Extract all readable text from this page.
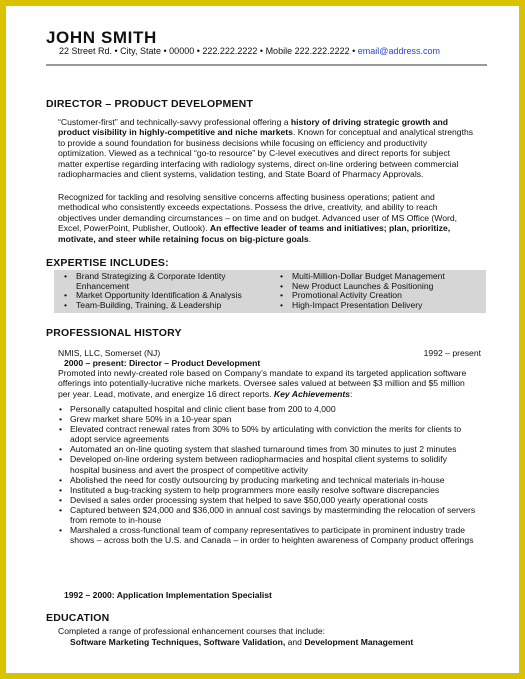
JOHN SMITH
22 Street Rd. • City, State • 00000 • 222.222.2222 • Mobile 222.222.2222 • email@address.com
DIRECTOR – PRODUCT DEVELOPMENT

“Customer-first” and technically-savvy professional offering a history of driving strategic growth and product visibility in highly-competitive and niche markets. Known for conceptual and analytical strengths to provide a sound foundation for business decisions while focusing on efficiency and productivity optimization. Viewed as a technical “go-to resource” by C-level executives and direct reports for subject matter expertise regarding interfacing with radiology systems, direct on-line ordering between commercial radiopharmacies and client systems, validation testing, and State Board of Pharmacy Approvals.

Recognized for tackling and resolving sensitive concerns affecting business operations; patient and methodical who consistently exceeds expectations. Possess the drive, creativity, and ability to reach objectives under demanding circumstances – on time and on budget. Advanced user of MS Office (Word, Excel, PowerPoint, Publisher, Outlook). An effective leader of teams and initiatives; plan, prioritize, motivate, and steer while retaining focus on big-picture goals.

EXPERTISE INCLUDES:
• Brand Strategizing & Corporate Identity Enhancement
• Market Opportunity Identification & Analysis
• Team-Building, Training, & Leadership
• Multi-Million-Dollar Budget Management
• New Product Launches & Positioning
• Promotional Activity Creation
• High-Impact Presentation Delivery
PROFESSIONAL HISTORY
NMIS, LLC, Somerset (NJ)	1992 – present
2000 – present: Director – Product Development

Promoted into newly-created role based on Company’s mandate to expand its targeted application software offerings into potentially-lucrative niche markets. Oversee sales valued at between $3 million and $5 million per year. Lead, motivate, and energize 16 direct reports. Key Achievements:

• Personally catapulted hospital and clinic client base from 200 to 4,000
• Grew market share 50% in a 10-year span
• Elevated contract renewal rates from 30% to 50% by articulating with conviction the merits for clients to adopt service agreements
• Automated an on-line quoting system that slashed turnaround times from 30 minutes to just 2 minutes
• Developed on-line ordering system between radiopharmacies and hospital client systems to solidify hospital business and avert the prospect of competitive activity
• Abolished the need for costly outsourcing by producing marketing and technical materials in-house
• Instituted a bug-tracking system to help programmers more easily resolve software discrepancies
• Devised a sales order processing system that helped to save $50,000 yearly operational costs
• Captured between $24,000 and $36,000 in annual cost savings by masterminding the relocation of servers from remote to in-house
• Marshaled a cross-functional team of company representatives to participate in prominent industry trade shows – across both the U.S. and Canada – in order to heighten awareness of Company product offerings
1992 – 2000: Application Implementation Specialist
EDUCATION

Completed a range of professional enhancement courses that include:

Software Marketing Techniques, Software Validation, and Development Management
